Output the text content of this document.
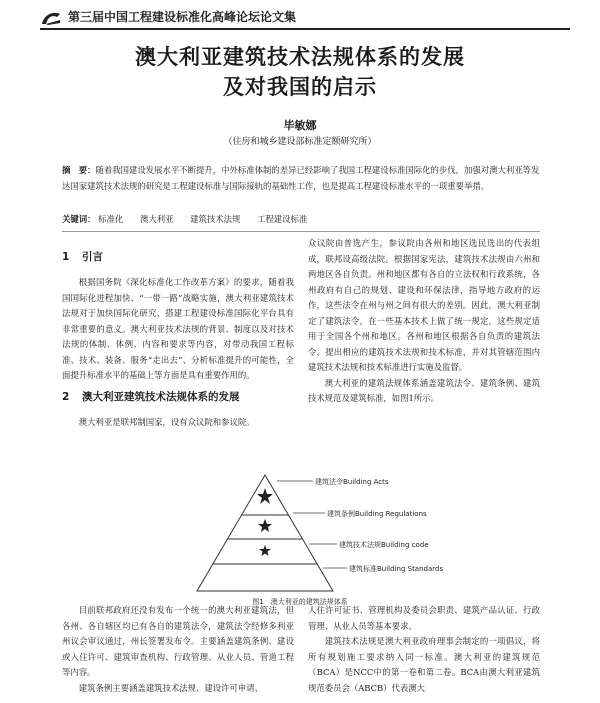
第三届中国工程建设标准化高峰论坛论文集
澳大利亚建筑技术法规体系的发展
及对我国的启示
毕敏娜
（住房和城乡建设部标准定额研究所）
摘　要：随着我国建设发展水平不断提升，中外标准体制的差异已经影响了我国工程建设标准国际化的步伐，加强对澳大利亚等发达国家建筑技术法规的研究是工程建设标准与国际接轨的基础性工作，也是提高工程建设标准水平的一项重要举措。
关键词： 标准化 澳大利亚 建筑技术法规 工程建设标准
1 引言

根据国务院《深化标准化工作改革方案》的要求，随着我国国际化进程加快、“一带一路”战略实施，澳大利亚建筑技术法规对于加快国际化研究、搭建工程建设标准国际化平台具有非常重要的意义。澳大利亚技术法规的背景、制度以及对技术法规的体制、体例、内容和要求等内容，对带动我国工程标准、技术、装备、服务“走出去”、分析标准提升的可能性，全面提升标准水平的基础上等方面是具有重要作用的。

2 澳大利亚建筑技术法规体系的发展

澳大利亚是联邦制国家，设有众议院和参议院。

众议院由普选产生，参议院由各州和地区选民选出的代表组成，联邦设高级法院。根据国家宪法，建筑技术法规由六州和两地区各自负责。州和地区都有各自的立法权和行政系统，各州政府有自己的规划、建设和环保法律，指导地方政府的运作，这些法令在州与州之间有很大的差别。因此，澳大利亚制定了建筑法令，在一些基本技术上做了统一规定，这些规定适用于全国各个州和地区。各州和地区根据各自负责的建筑法令，提出相应的建筑技术法规和技术标准，并对其管辖范围内建筑技术法规和技术标准进行实施及监督。

澳大利亚的建筑法规体系涵盖建筑法令、建筑条例、建筑技术规范及建筑标准，如图1所示。

建筑法令Building Acts
建筑条例Building Regulations
建筑技术法规Building code
建筑标准Building Standards
图1　澳大利亚的建筑法规体系

目前联邦政府还没有发布一个统一的澳大利亚建筑法，但各州、各自辖区均已有各自的建筑法令，建筑法令经修多利亚州议会审议通过，州长签署发布令。主要涵盖建筑条例、建设或入住许可、建筑审查机构、行政管理、从业人员、管道工程等内容。

建筑条例主要涵盖建筑技术法规、建设许可申请、

人住许可证书、管理机构及委员会职责、建筑产品认证、行政管理、从业人员等基本要求。

建筑技术法规是澳大利亚政府理事会制定的一项倡议，将所有规划施工要求纳入同一标准。澳大利亚的建筑规范（BCA）是NCC中的第一卷和第二卷。BCA由澳大利亚建筑规范委员会（ABCB）代表澳大
